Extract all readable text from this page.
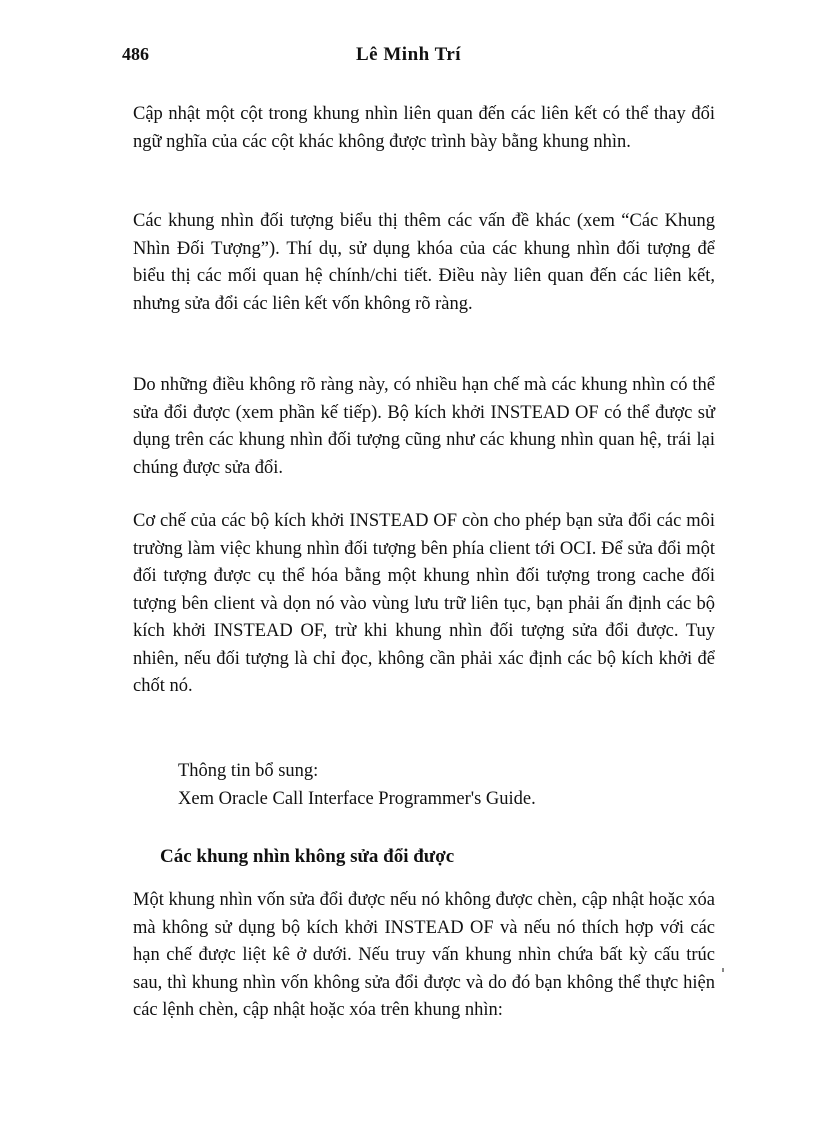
486	Lê Minh Trí

Cập nhật một cột trong khung nhìn liên quan đến các liên kết có thể thay đổi ngữ nghĩa của các cột khác không được trình bày bằng khung nhìn.

Các khung nhìn đối tượng biểu thị thêm các vấn đề khác (xem “Các Khung Nhìn Đối Tượng”). Thí dụ, sử dụng khóa của các khung nhìn đối tượng để biểu thị các mối quan hệ chính/chi tiết. Điều này liên quan đến các liên kết, nhưng sửa đổi các liên kết vốn không rõ ràng.

Do những điều không rõ ràng này, có nhiều hạn chế mà các khung nhìn có thể sửa đổi được (xem phần kế tiếp). Bộ kích khởi INSTEAD OF có thể được sử dụng trên các khung nhìn đối tượng cũng như các khung nhìn quan hệ, trái lại chúng được sửa đổi.

Cơ chế của các bộ kích khởi INSTEAD OF còn cho phép bạn sửa đổi các môi trường làm việc khung nhìn đối tượng bên phía client tới OCI. Để sửa đổi một đối tượng được cụ thể hóa bằng một khung nhìn đối tượng trong cache đối tượng bên client và dọn nó vào vùng lưu trữ liên tục, bạn phải ấn định các bộ kích khởi INSTEAD OF, trừ khi khung nhìn đối tượng sửa đổi được. Tuy nhiên, nếu đối tượng là chỉ đọc, không cần phải xác định các bộ kích khởi để chốt nó.

Thông tin bổ sung:
Xem Oracle Call Interface Programmer's Guide.
Các khung nhìn không sửa đổi được

Một khung nhìn vốn sửa đổi được nếu nó không được chèn, cập nhật hoặc xóa mà không sử dụng bộ kích khởi INSTEAD OF và nếu nó thích hợp với các hạn chế được liệt kê ở dưới. Nếu truy vấn khung nhìn chứa bất kỳ cấu trúc sau, thì khung nhìn vốn không sửa đổi được và do đó bạn không thể thực hiện các lệnh chèn, cập nhật hoặc xóa trên khung nhìn:
